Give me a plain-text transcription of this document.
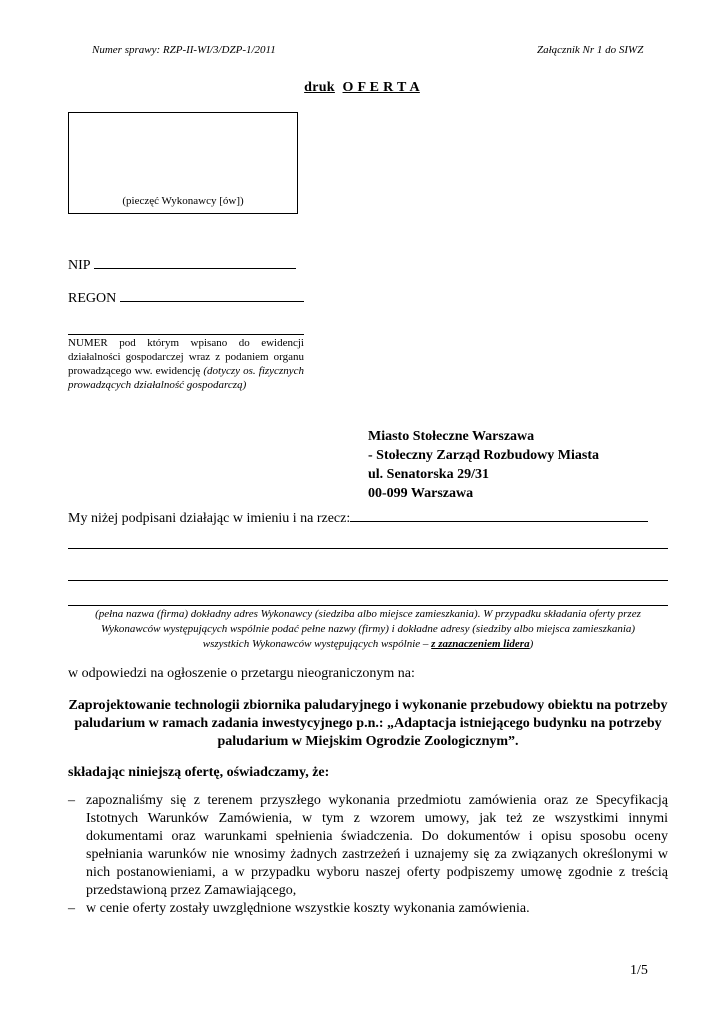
Numer sprawy: RZP-II-WI/3/DZP-1/2011	Załącznik Nr 1 do SIWZ
druk O F E R T A
(pieczęć Wykonawcy [ów])
NIP
REGON
NUMER pod którym wpisano do ewidencji działalności gospodarczej wraz z podaniem organu prowadzącego ww. ewidencję (dotyczy os. fizycznych prowadzących działalność gospodarczą)
Miasto Stołeczne Warszawa
- Stołeczny Zarząd Rozbudowy Miasta
ul. Senatorska 29/31
00-099 Warszawa
My niżej podpisani działając w imieniu i na rzecz:
(pełna nazwa (firma) dokładny adres Wykonawcy (siedziba albo miejsce zamieszkania). W przypadku składania oferty przez Wykonawców występujących wspólnie podać pełne nazwy (firmy) i dokładne adresy (siedziby albo miejsca zamieszkania) wszystkich Wykonawców występujących wspólnie – z zaznaczeniem lidera)
w odpowiedzi na ogłoszenie o przetargu nieograniczonym na:
Zaprojektowanie technologii zbiornika paludaryjnego i wykonanie przebudowy obiektu na potrzeby paludarium w ramach zadania inwestycyjnego p.n.: „Adaptacja istniejącego budynku na potrzeby paludarium w Miejskim Ogrodzie Zoologicznym”.
składając niniejszą ofertę, oświadczamy, że:
– zapoznaliśmy się z terenem przyszłego wykonania przedmiotu zamówienia oraz ze Specyfikacją Istotnych Warunków Zamówienia, w tym z wzorem umowy, jak też ze wszystkimi innymi dokumentami oraz warunkami spełnienia świadczenia. Do dokumentów i opisu sposobu oceny spełniania warunków nie wnosimy żadnych zastrzeżeń i uznajemy się za związanych określonymi w nich postanowieniami, a w przypadku wyboru naszej oferty podpiszemy umowę zgodnie z treścią przedstawioną przez Zamawiającego,
– w cenie oferty zostały uwzględnione wszystkie koszty wykonania zamówienia.
1/5
